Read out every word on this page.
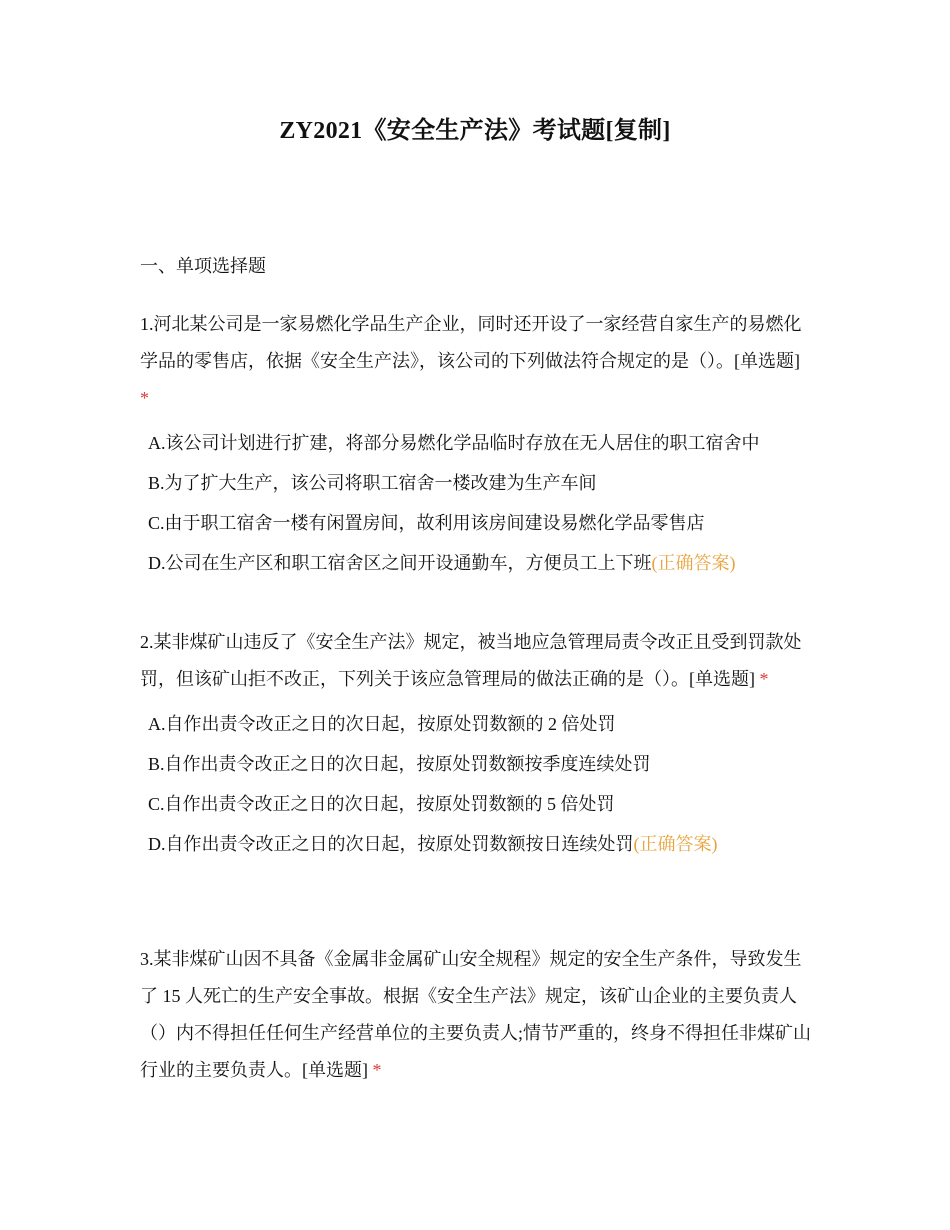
ZY2021《安全生产法》考试题[复制]
一、单项选择题

1.河北某公司是一家易燃化学品生产企业，同时还开设了一家经营自家生产的易燃化学品的零售店，依据《安全生产法》，该公司的下列做法符合规定的是（）。[单选题] *

A.该公司计划进行扩建，将部分易燃化学品临时存放在无人居住的职工宿舍中
B.为了扩大生产，该公司将职工宿舍一楼改建为生产车间
C.由于职工宿舍一楼有闲置房间，故利用该房间建设易燃化学品零售店
D.公司在生产区和职工宿舍区之间开设通勤车，方便员工上下班(正确答案)

2.某非煤矿山违反了《安全生产法》规定，被当地应急管理局责令改正且受到罚款处罚，但该矿山拒不改正，下列关于该应急管理局的做法正确的是（）。[单选题] *

A.自作出责令改正之日的次日起，按原处罚数额的 2 倍处罚
B.自作出责令改正之日的次日起，按原处罚数额按季度连续处罚
C.自作出责令改正之日的次日起，按原处罚数额的 5 倍处罚
D.自作出责令改正之日的次日起，按原处罚数额按日连续处罚(正确答案)

3.某非煤矿山因不具备《金属非金属矿山安全规程》规定的安全生产条件，导致发生了 15 人死亡的生产安全事故。根据《安全生产法》规定，该矿山企业的主要负责人（）内不得担任任何生产经营单位的主要负责人;情节严重的，终身不得担任非煤矿山行业的主要负责人。[单选题] *
